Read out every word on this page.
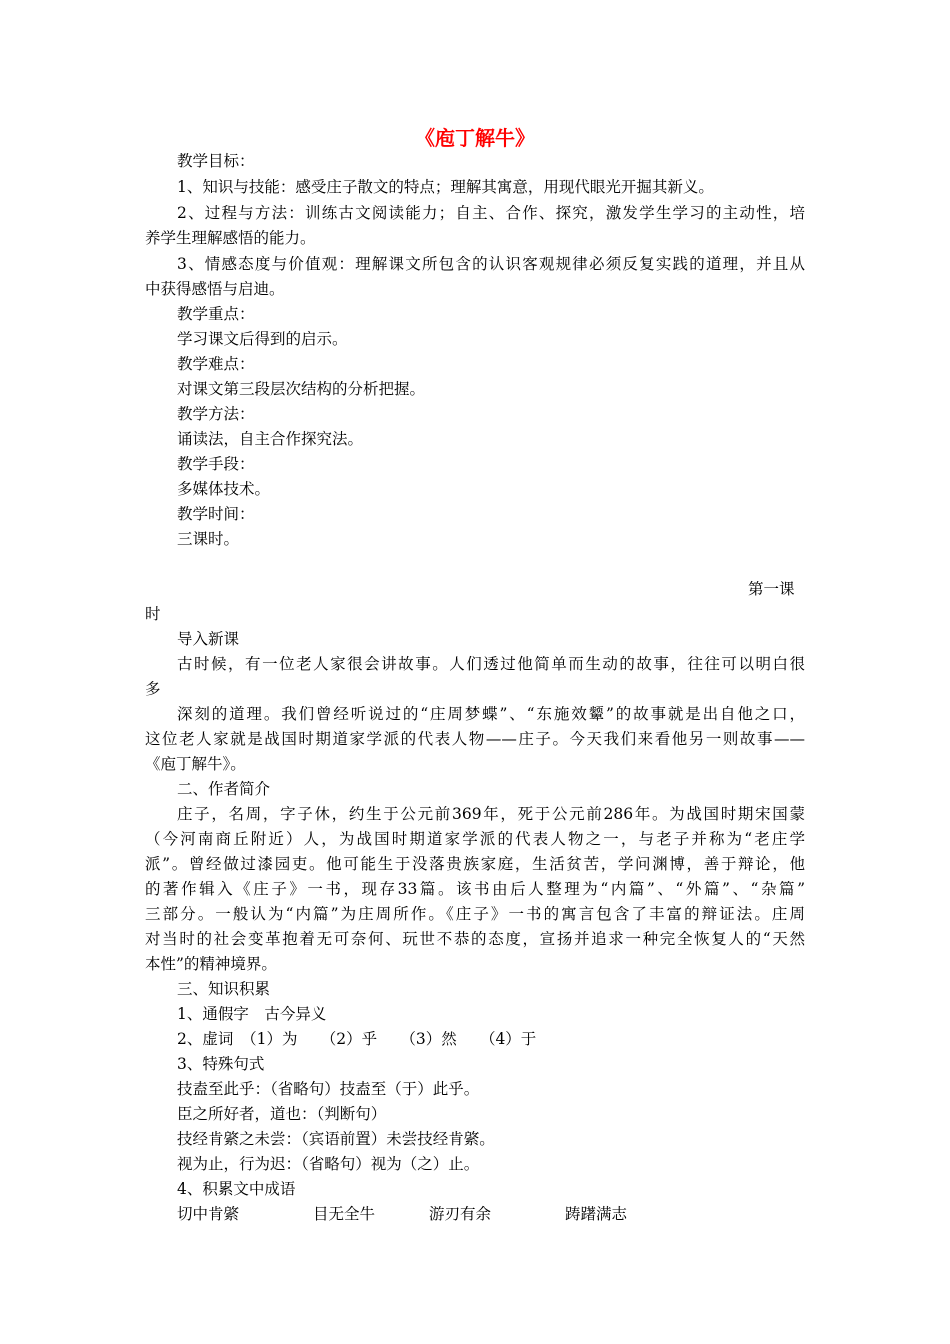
《庖丁解牛》
教学目标：
1、知识与技能：感受庄子散文的特点；理解其寓意，用现代眼光开掘其新义。
2、过程与方法：训练古文阅读能力；自主、合作、探究，激发学生学习的主动性，培
养学生理解感悟的能力。
3、情感态度与价值观：理解课文所包含的认识客观规律必须反复实践的道理，并且从
中获得感悟与启迪。
教学重点：
学习课文后得到的启示。
教学难点：
对课文第三段层次结构的分析把握。
教学方法：
诵读法，自主合作探究法。
教学手段：
多媒体技术。
教学时间：
三课时。
第一课
时
导入新课
古时候，有一位老人家很会讲故事。人们透过他简单而生动的故事，往往可以明白很
多
深刻的道理。我们曾经听说过的“庄周梦蝶”、“东施效颦”的故事就是出自他之口，
这位老人家就是战国时期道家学派的代表人物——庄子。今天我们来看他另一则故事——
《庖丁解牛》。
二、作者简介
庄子，名周，字子休，约生于公元前369年，死于公元前286年。为战国时期宋国蒙
（今河南商丘附近）人，为战国时期道家学派的代表人物之一，与老子并称为“老庄学
派”。曾经做过漆园吏。他可能生于没落贵族家庭，生活贫苦，学问渊博，善于辩论，他
的著作辑入《庄子》一书，现存33篇。该书由后人整理为“内篇”、“外篇”、“杂篇”
三部分。一般认为“内篇”为庄周所作。《庄子》一书的寓言包含了丰富的辩证法。庄周
对当时的社会变革抱着无可奈何、玩世不恭的态度，宣扬并追求一种完全恢复人的“天然
本性”的精神境界。
三、知识积累
1、通假字　古今异义
2、虚词　（1）为　　（2）乎　　（3）然　　（4）于
3、特殊句式
技盍至此乎：（省略句）技盍至（于）此乎。
臣之所好者，道也：（判断句）
技经肯綮之未尝：（宾语前置）未尝技经肯綮。
视为止，行为迟：（省略句）视为（之）止。
4、积累文中成语
切中肯綮	目无全牛	游刃有余	踌躇满志
